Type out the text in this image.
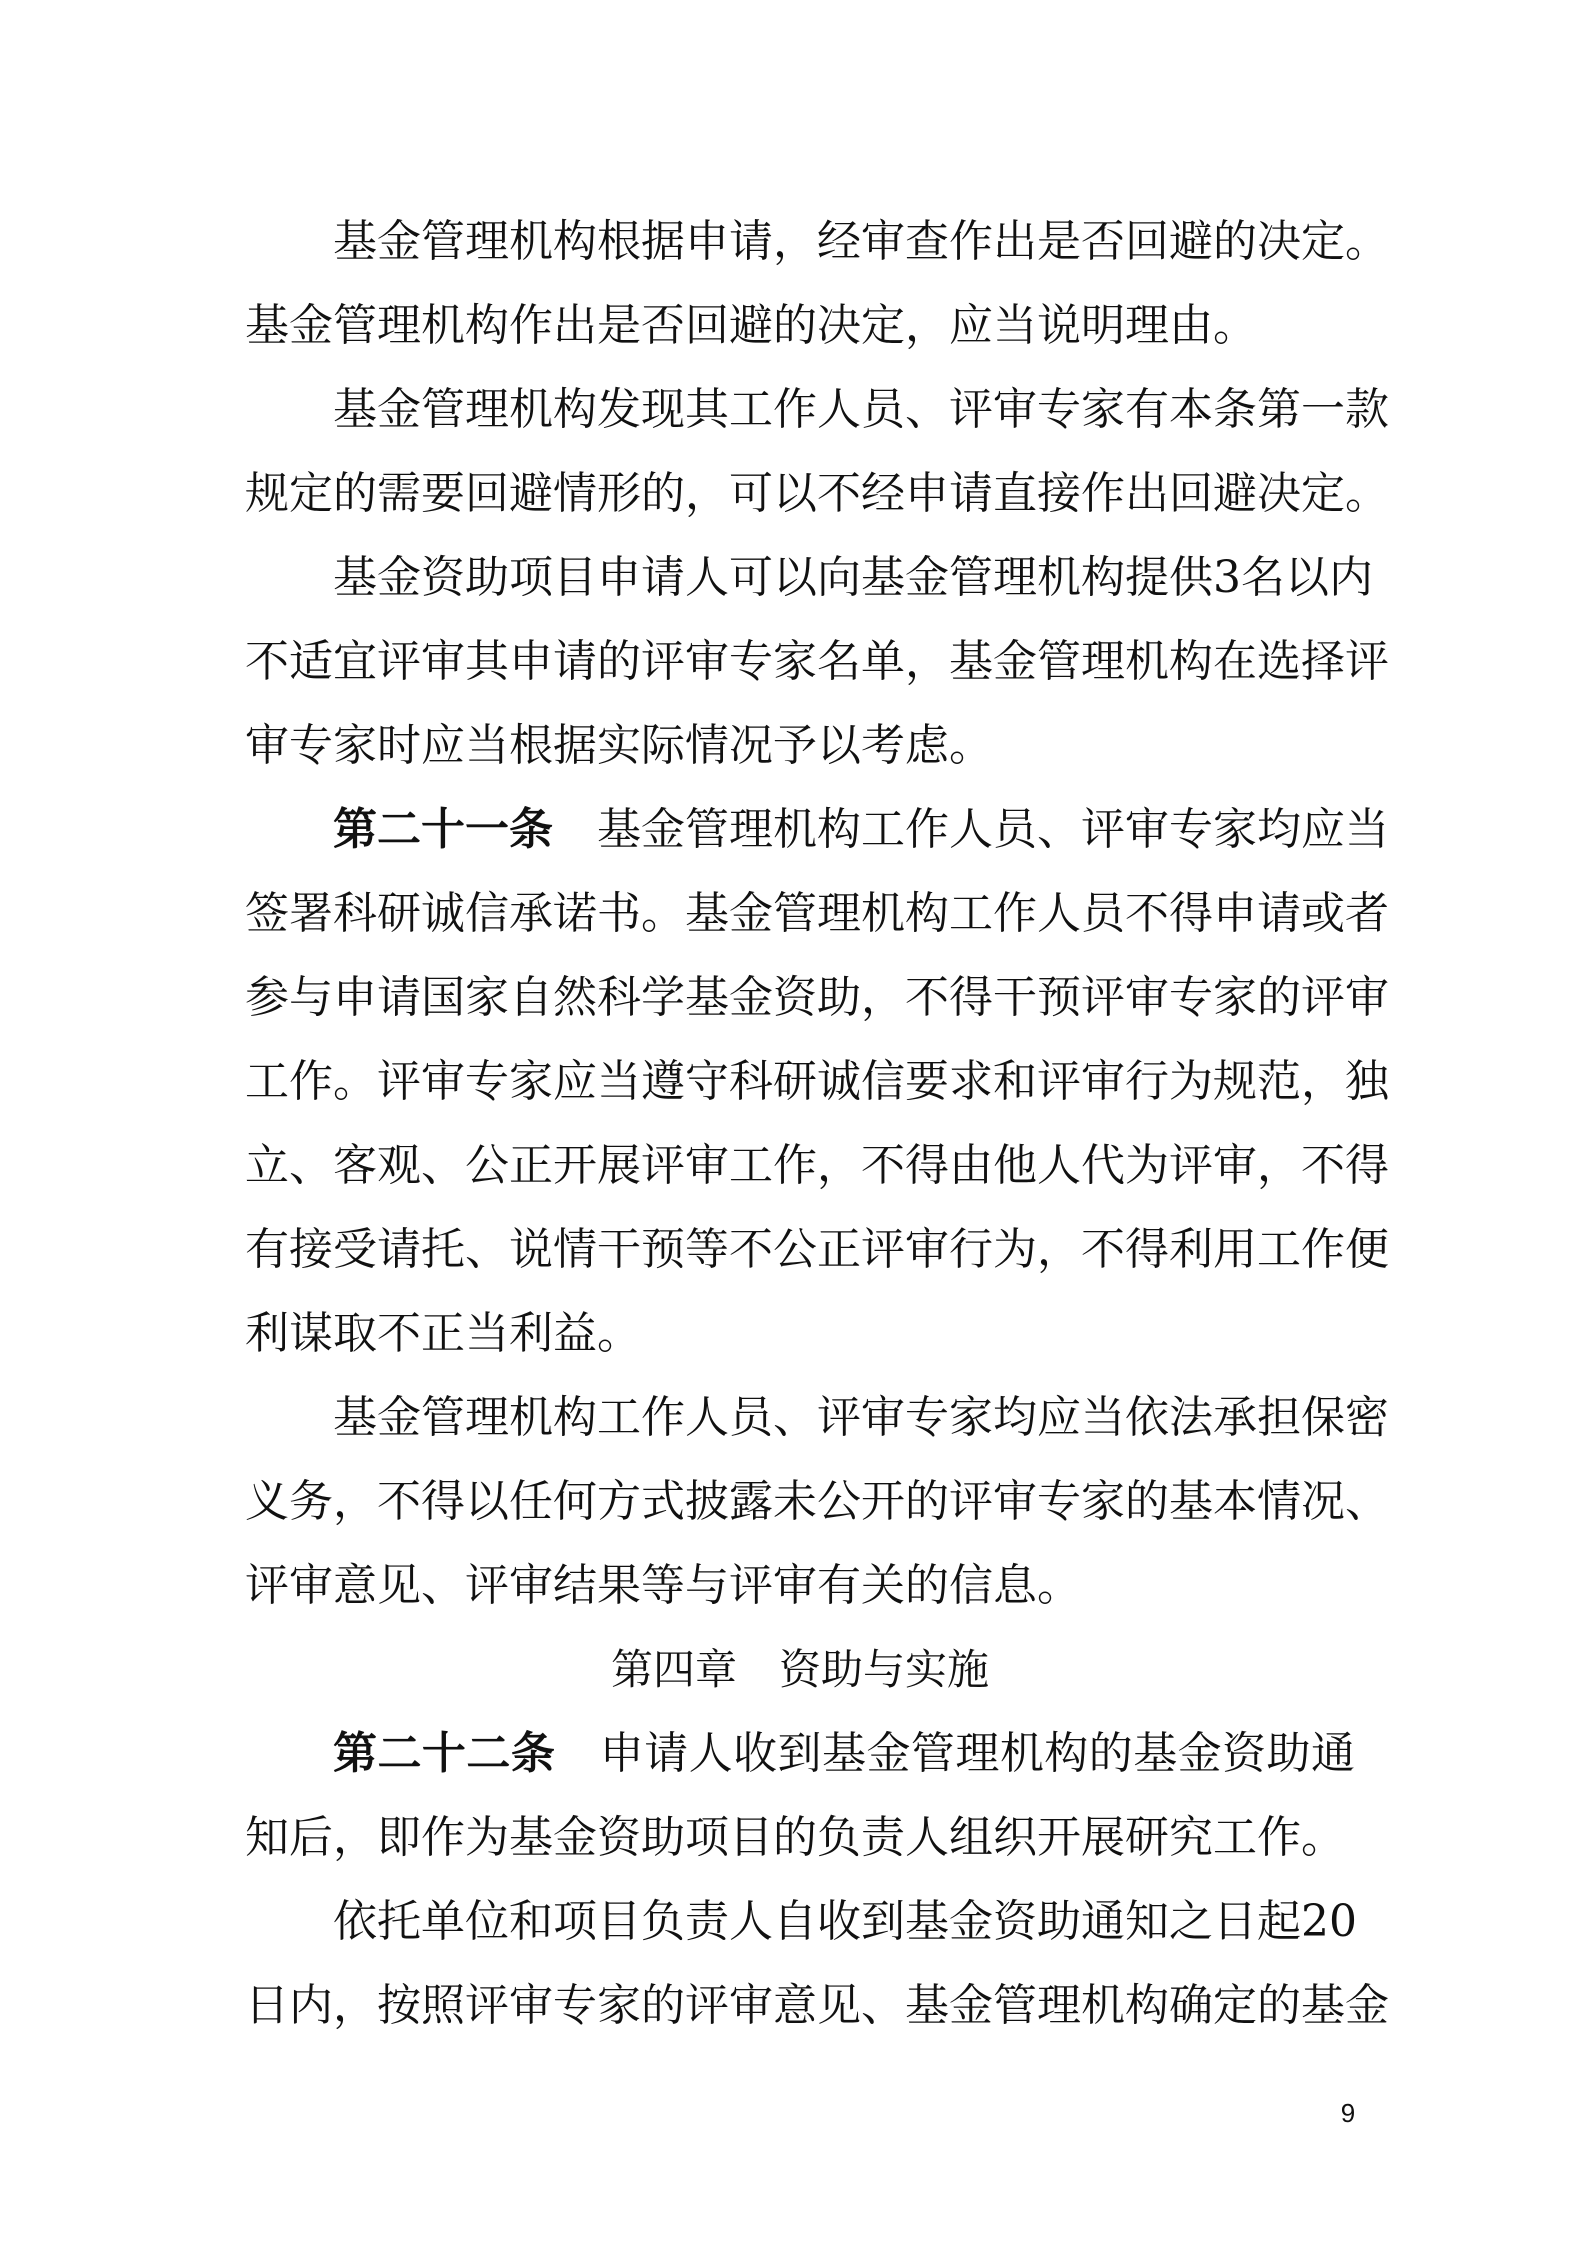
基金管理机构根据申请，经审查作出是否回避的决定。
基金管理机构作出是否回避的决定，应当说明理由。
基金管理机构发现其工作人员、评审专家有本条第一款
规定的需要回避情形的，可以不经申请直接作出回避决定。
基金资助项目申请人可以向基金管理机构提供3名以内
不适宜评审其申请的评审专家名单，基金管理机构在选择评
审专家时应当根据实际情况予以考虑。
第二十一条 基金管理机构工作人员、评审专家均应当
签署科研诚信承诺书。基金管理机构工作人员不得申请或者
参与申请国家自然科学基金资助，不得干预评审专家的评审
工作。评审专家应当遵守科研诚信要求和评审行为规范，独
立、客观、公正开展评审工作，不得由他人代为评审，不得
有接受请托、说情干预等不公正评审行为，不得利用工作便
利谋取不正当利益。
基金管理机构工作人员、评审专家均应当依法承担保密
义务，不得以任何方式披露未公开的评审专家的基本情况、
评审意见、评审结果等与评审有关的信息。
第四章 资助与实施
第二十二条 申请人收到基金管理机构的基金资助通
知后，即作为基金资助项目的负责人组织开展研究工作。
依托单位和项目负责人自收到基金资助通知之日起20
日内，按照评审专家的评审意见、基金管理机构确定的基金
9
